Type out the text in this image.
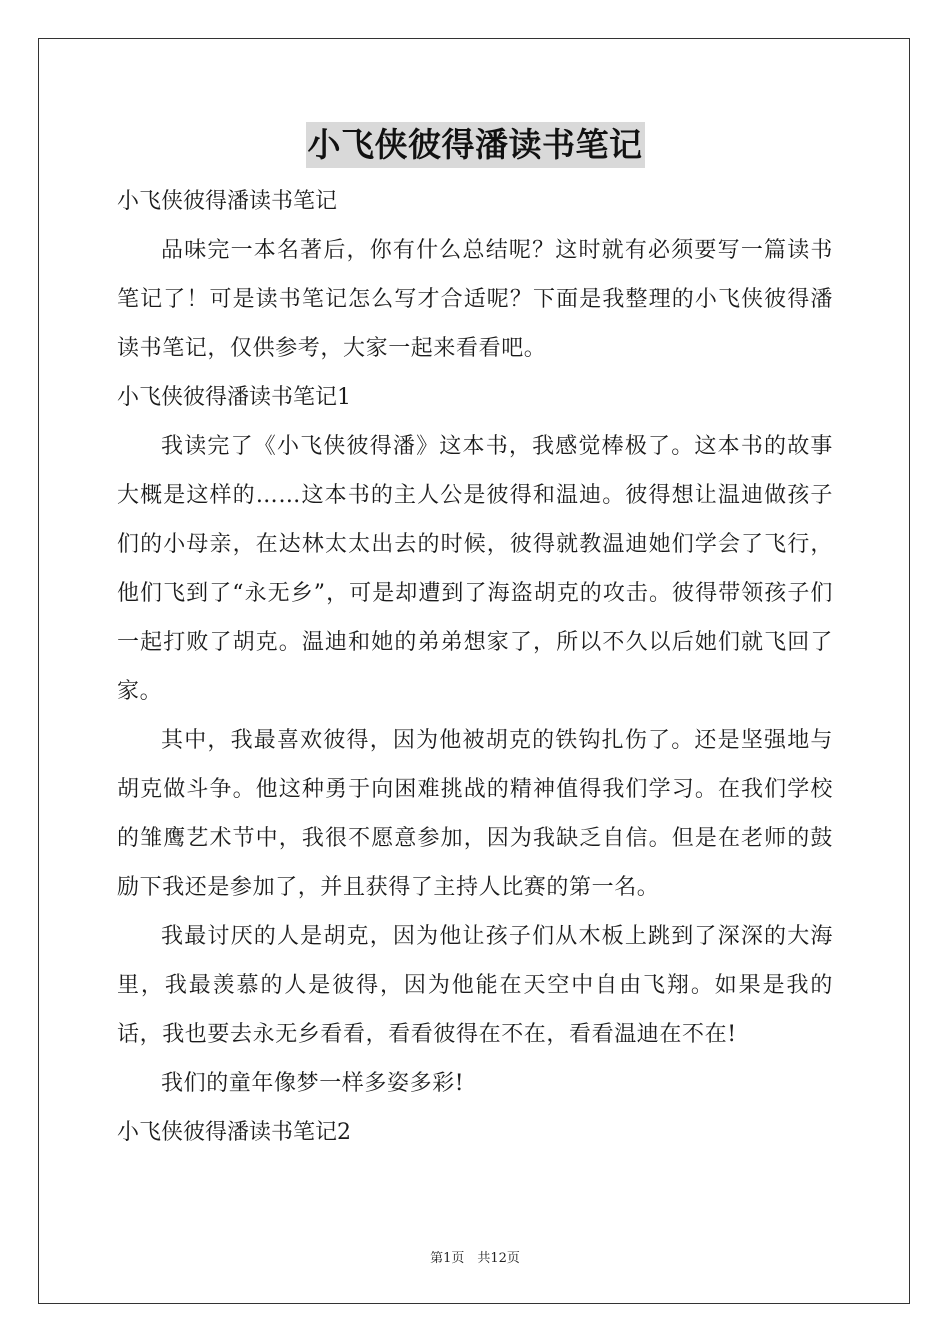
小飞侠彼得潘读书笔记

小飞侠彼得潘读书笔记

品味完一本名著后，你有什么总结呢？这时就有必须要写一篇读书笔记了！可是读书笔记怎么写才合适呢？下面是我整理的小飞侠彼得潘读书笔记，仅供参考，大家一起来看看吧。

小飞侠彼得潘读书笔记1

我读完了《小飞侠彼得潘》这本书，我感觉棒极了。这本书的故事大概是这样的……这本书的主人公是彼得和温迪。彼得想让温迪做孩子们的小母亲，在达林太太出去的时候，彼得就教温迪她们学会了飞行，他们飞到了“永无乡”，可是却遭到了海盗胡克的攻击。彼得带领孩子们一起打败了胡克。温迪和她的弟弟想家了，所以不久以后她们就飞回了家。

其中，我最喜欢彼得，因为他被胡克的铁钩扎伤了。还是坚强地与胡克做斗争。他这种勇于向困难挑战的精神值得我们学习。在我们学校的雏鹰艺术节中，我很不愿意参加，因为我缺乏自信。但是在老师的鼓励下我还是参加了，并且获得了主持人比赛的第一名。

我最讨厌的人是胡克，因为他让孩子们从木板上跳到了深深的大海里，我最羡慕的人是彼得，因为他能在天空中自由飞翔。如果是我的话，我也要去永无乡看看，看看彼得在不在，看看温迪在不在!

我们的童年像梦一样多姿多彩!

小飞侠彼得潘读书笔记2

第1页　共12页
